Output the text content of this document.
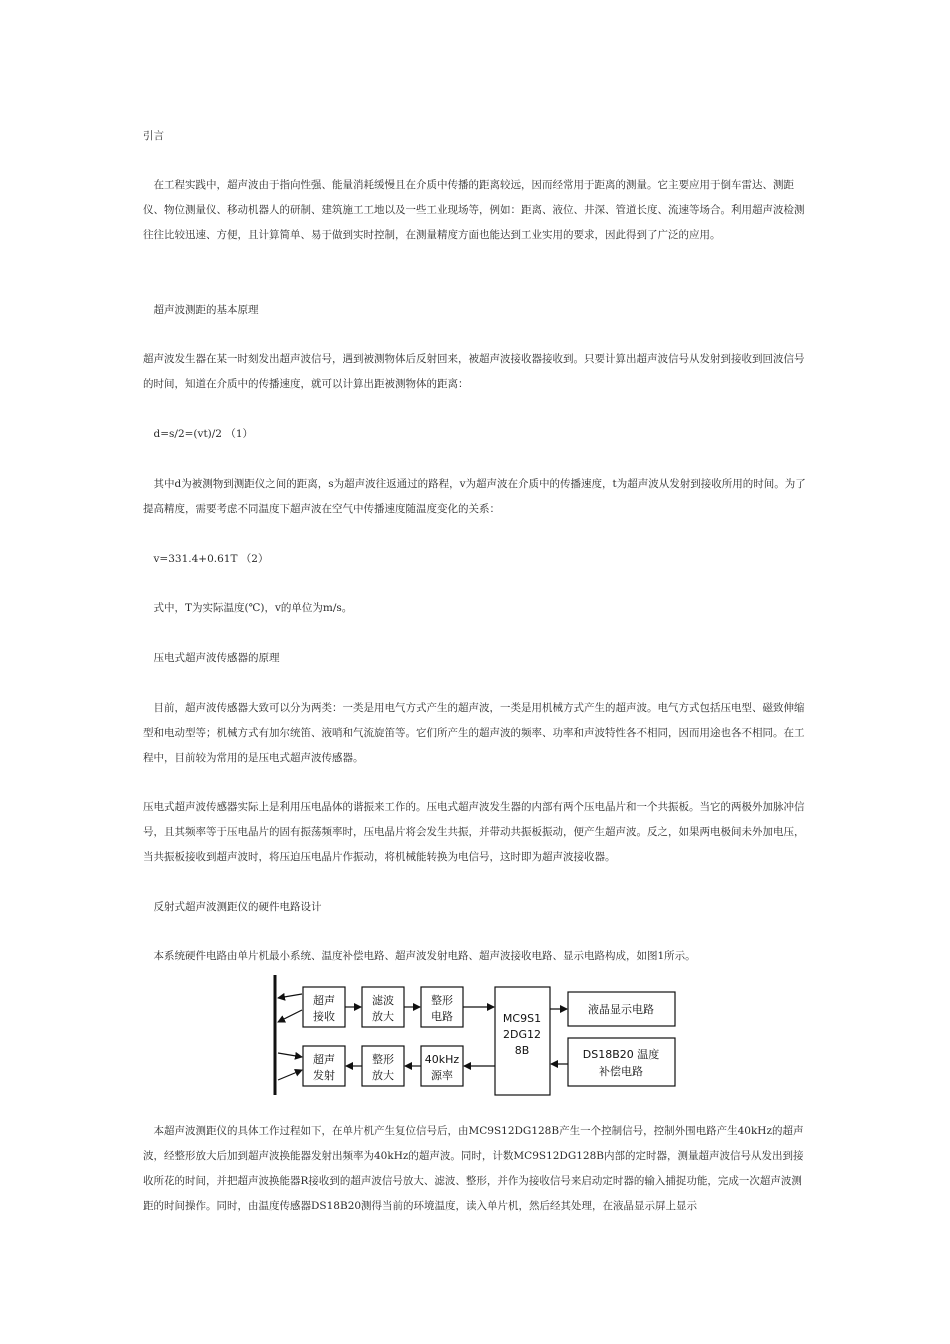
引言

　在工程实践中，超声波由于指向性强、能量消耗缓慢且在介质中传播的距离较远，因而经常用于距离的测量。它主要应用于倒车雷达、测距仪、物位测量仪、移动机器人的研制、建筑施工工地以及一些工业现场等，例如：距离、液位、井深、管道长度、流速等场合。利用超声波检测往往比较迅速、方便，且计算简单、易于做到实时控制，在测量精度方面也能达到工业实用的要求，因此得到了广泛的应用。

　超声波测距的基本原理

超声波发生器在某一时刻发出超声波信号，遇到被测物体后反射回来，被超声波接收器接收到。只要计算出超声波信号从发射到接收到回波信号的时间，知道在介质中的传播速度，就可以计算出距被测物体的距离：

　d=s/2=(vt)/2 （1）

　其中d为被测物到测距仪之间的距离，s为超声波往返通过的路程，v为超声波在介质中的传播速度，t为超声波从发射到接收所用的时间。为了提高精度，需要考虑不同温度下超声波在空气中传播速度随温度变化的关系：

　v=331.4+0.61T （2）

　式中，T为实际温度(℃)，v的单位为m/s。

　压电式超声波传感器的原理

　目前，超声波传感器大致可以分为两类：一类是用电气方式产生的超声波，一类是用机械方式产生的超声波。电气方式包括压电型、磁致伸缩型和电动型等；机械方式有加尔统笛、液哨和气流旋笛等。它们所产生的超声波的频率、功率和声波特性各不相同，因而用途也各不相同。在工程中，目前较为常用的是压电式超声波传感器。

压电式超声波传感器实际上是利用压电晶体的谐振来工作的。压电式超声波发生器的内部有两个压电晶片和一个共振板。当它的两极外加脉冲信号，且其频率等于压电晶片的固有振荡频率时，压电晶片将会发生共振，并带动共振板振动，便产生超声波。反之，如果两电极间未外加电压，当共振板接收到超声波时，将压迫压电晶片作振动，将机械能转换为电信号，这时即为超声波接收器。

　反射式超声波测距仪的硬件电路设计

　本系统硬件电路由单片机最小系统、温度补偿电路、超声波发射电路、超声波接收电路、显示电路构成，如图1所示。

超声
接收
滤波
放大
整形
电路	MC9S1
2DG12
8B
液晶显示电路
DS18B20 温度
补偿电路
超声
发射
整形
放大
40kHz
源率

　本超声波测距仪的具体工作过程如下，在单片机产生复位信号后，由MC9S12DG128B产生一个控制信号，控制外围电路产生40kHz的超声波，经整形放大后加到超声波换能器发射出频率为40kHz的超声波。同时，计数MC9S12DG128B内部的定时器，测量超声波信号从发出到接收所花的时间，并把超声波换能器R接收到的超声波信号放大、滤波、整形，并作为接收信号来启动定时器的输入捕捉功能，完成一次超声波测距的时间操作。同时，由温度传感器DS18B20测得当前的环境温度，读入单片机，然后经其处理，在液晶显示屏上显示
